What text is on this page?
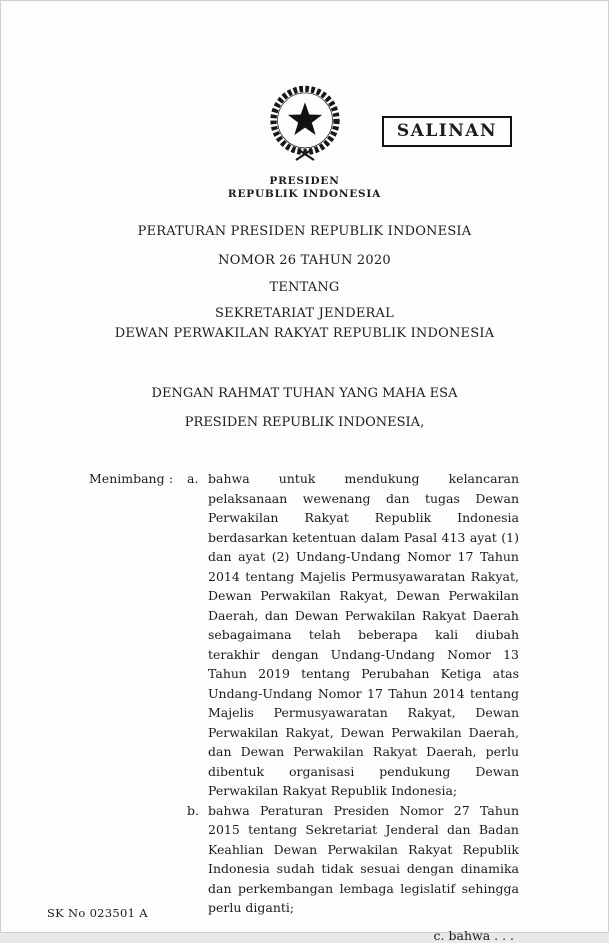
SALINAN
PRESIDEN
REPUBLIK INDONESIA
PERATURAN PRESIDEN REPUBLIK INDONESIA
NOMOR 26 TAHUN 2020
TENTANG
SEKRETARIAT JENDERAL
DEWAN PERWAKILAN RAKYAT REPUBLIK INDONESIA
DENGAN RAHMAT TUHAN YANG MAHA ESA
PRESIDEN REPUBLIK INDONESIA,
Menimbang :	a. bahwa untuk mendukung kelancaran pelaksanaan wewenang dan tugas Dewan Perwakilan Rakyat Republik Indonesia berdasarkan ketentuan dalam Pasal 413 ayat (1) dan ayat (2) Undang-Undang Nomor 17 Tahun 2014 tentang Majelis Permusyawaratan Rakyat, Dewan Perwakilan Rakyat, Dewan Perwakilan Daerah, dan Dewan Perwakilan Rakyat Daerah sebagaimana telah beberapa kali diubah terakhir dengan Undang-Undang Nomor 13 Tahun 2019 tentang Perubahan Ketiga atas Undang-Undang Nomor 17 Tahun 2014 tentang Majelis Permusyawaratan Rakyat, Dewan Perwakilan Rakyat, Dewan Perwakilan Daerah, dan Dewan Perwakilan Rakyat Daerah, perlu dibentuk organisasi pendukung Dewan Perwakilan Rakyat Republik Indonesia;
b. bahwa Peraturan Presiden Nomor 27 Tahun 2015 tentang Sekretariat Jenderal dan Badan Keahlian Dewan Perwakilan Rakyat Republik Indonesia sudah tidak sesuai dengan dinamika dan perkembangan lembaga legislatif sehingga perlu diganti;
c. bahwa . . .
SK No 023501 A
